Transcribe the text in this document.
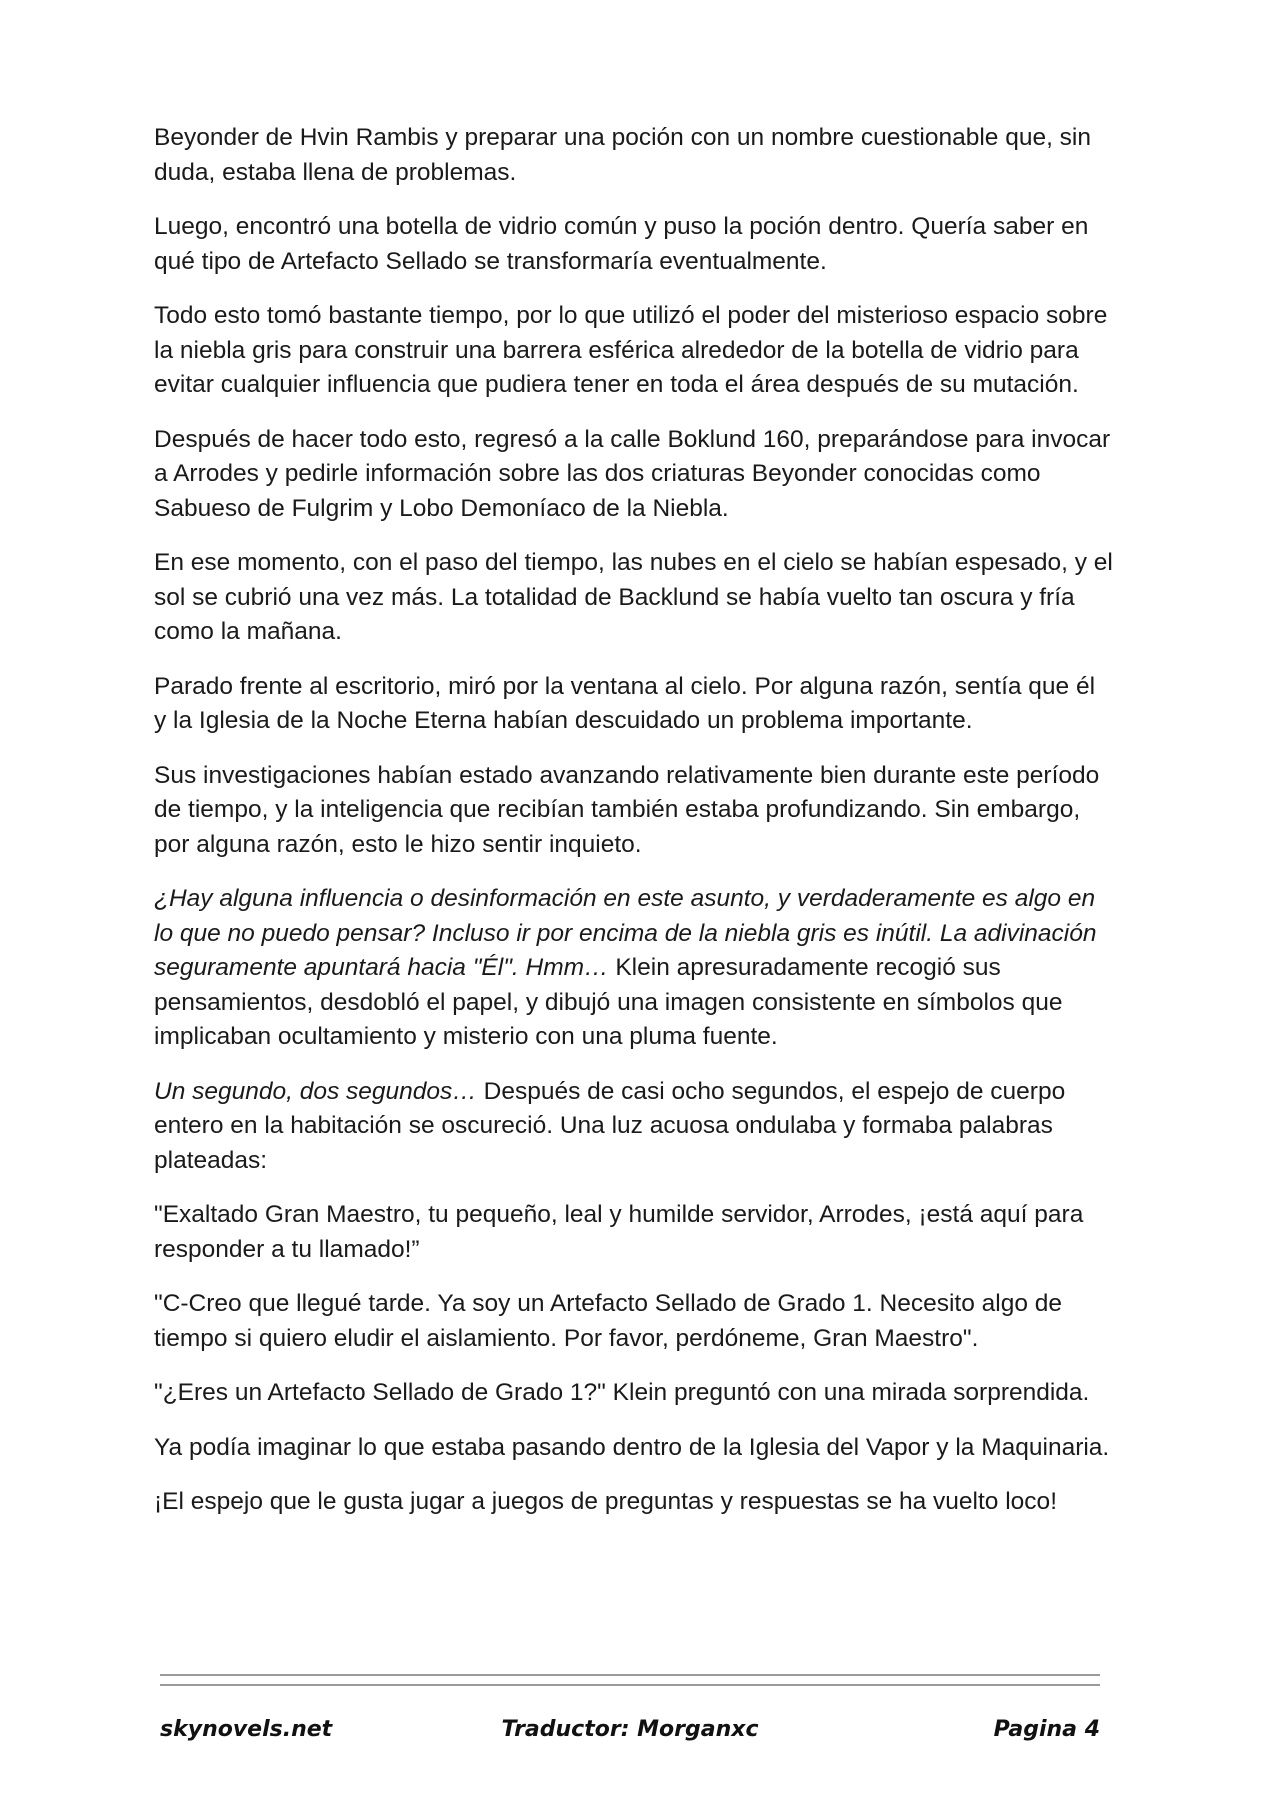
Beyonder de Hvin Rambis y preparar una poción con un nombre cuestionable que, sin duda, estaba llena de problemas.

Luego, encontró una botella de vidrio común y puso la poción dentro. Quería saber en qué tipo de Artefacto Sellado se transformaría eventualmente.

Todo esto tomó bastante tiempo, por lo que utilizó el poder del misterioso espacio sobre la niebla gris para construir una barrera esférica alrededor de la botella de vidrio para evitar cualquier influencia que pudiera tener en toda el área después de su mutación.

Después de hacer todo esto, regresó a la calle Boklund 160, preparándose para invocar a Arrodes y pedirle información sobre las dos criaturas Beyonder conocidas como Sabueso de Fulgrim y Lobo Demoníaco de la Niebla.

En ese momento, con el paso del tiempo, las nubes en el cielo se habían espesado, y el sol se cubrió una vez más. La totalidad de Backlund se había vuelto tan oscura y fría como la mañana.

Parado frente al escritorio, miró por la ventana al cielo. Por alguna razón, sentía que él y la Iglesia de la Noche Eterna habían descuidado un problema importante.

Sus investigaciones habían estado avanzando relativamente bien durante este período de tiempo, y la inteligencia que recibían también estaba profundizando. Sin embargo, por alguna razón, esto le hizo sentir inquieto.

¿Hay alguna influencia o desinformación en este asunto, y verdaderamente es algo en lo que no puedo pensar? Incluso ir por encima de la niebla gris es inútil. La adivinación seguramente apuntará hacia "Él". Hmm… Klein apresuradamente recogió sus pensamientos, desdobló el papel, y dibujó una imagen consistente en símbolos que implicaban ocultamiento y misterio con una pluma fuente.

Un segundo, dos segundos… Después de casi ocho segundos, el espejo de cuerpo entero en la habitación se oscureció. Una luz acuosa ondulaba y formaba palabras plateadas:

"Exaltado Gran Maestro, tu pequeño, leal y humilde servidor, Arrodes, ¡está aquí para responder a tu llamado!”

"C-Creo que llegué tarde. Ya soy un Artefacto Sellado de Grado 1. Necesito algo de tiempo si quiero eludir el aislamiento. Por favor, perdóneme, Gran Maestro".

"¿Eres un Artefacto Sellado de Grado 1?" Klein preguntó con una mirada sorprendida.

Ya podía imaginar lo que estaba pasando dentro de la Iglesia del Vapor y la Maquinaria.

¡El espejo que le gusta jugar a juegos de preguntas y respuestas se ha vuelto loco!

skynovels.net	Traductor: Morganxc	Pagina 4
